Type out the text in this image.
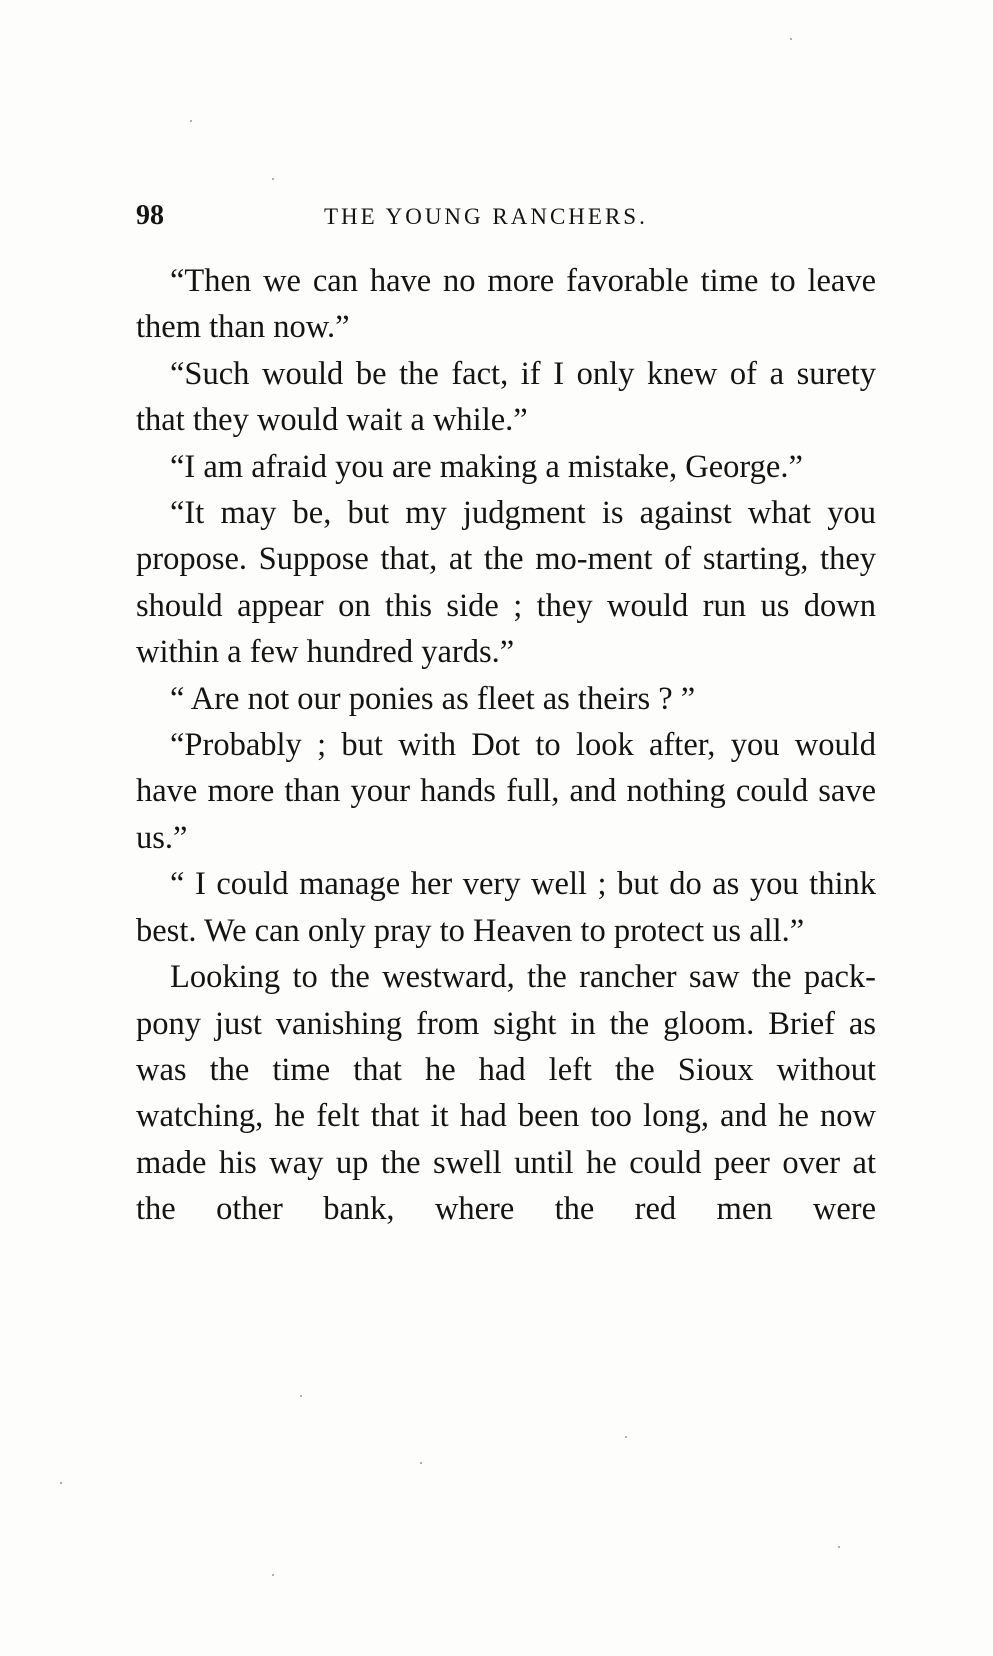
98	THE YOUNG RANCHERS.

“Then we can have no more favorable time to leave them than now.”

“Such would be the fact, if I only knew of a surety that they would wait a while.”

“I am afraid you are making a mistake, George.”

“It may be, but my judgment is against what you propose. Suppose that, at the mo-ment of starting, they should appear on this side ; they would run us down within a few hundred yards.”

“ Are not our ponies as fleet as theirs ? ”

“Probably ; but with Dot to look after, you would have more than your hands full, and nothing could save us.”

“ I could manage her very well ; but do as you think best. We can only pray to Heaven to protect us all.”

Looking to the westward, the rancher saw the pack-pony just vanishing from sight in the gloom. Brief as was the time that he had left the Sioux without watching, he felt that it had been too long, and he now made his way up the swell until he could peer over at the other bank, where the red men were
